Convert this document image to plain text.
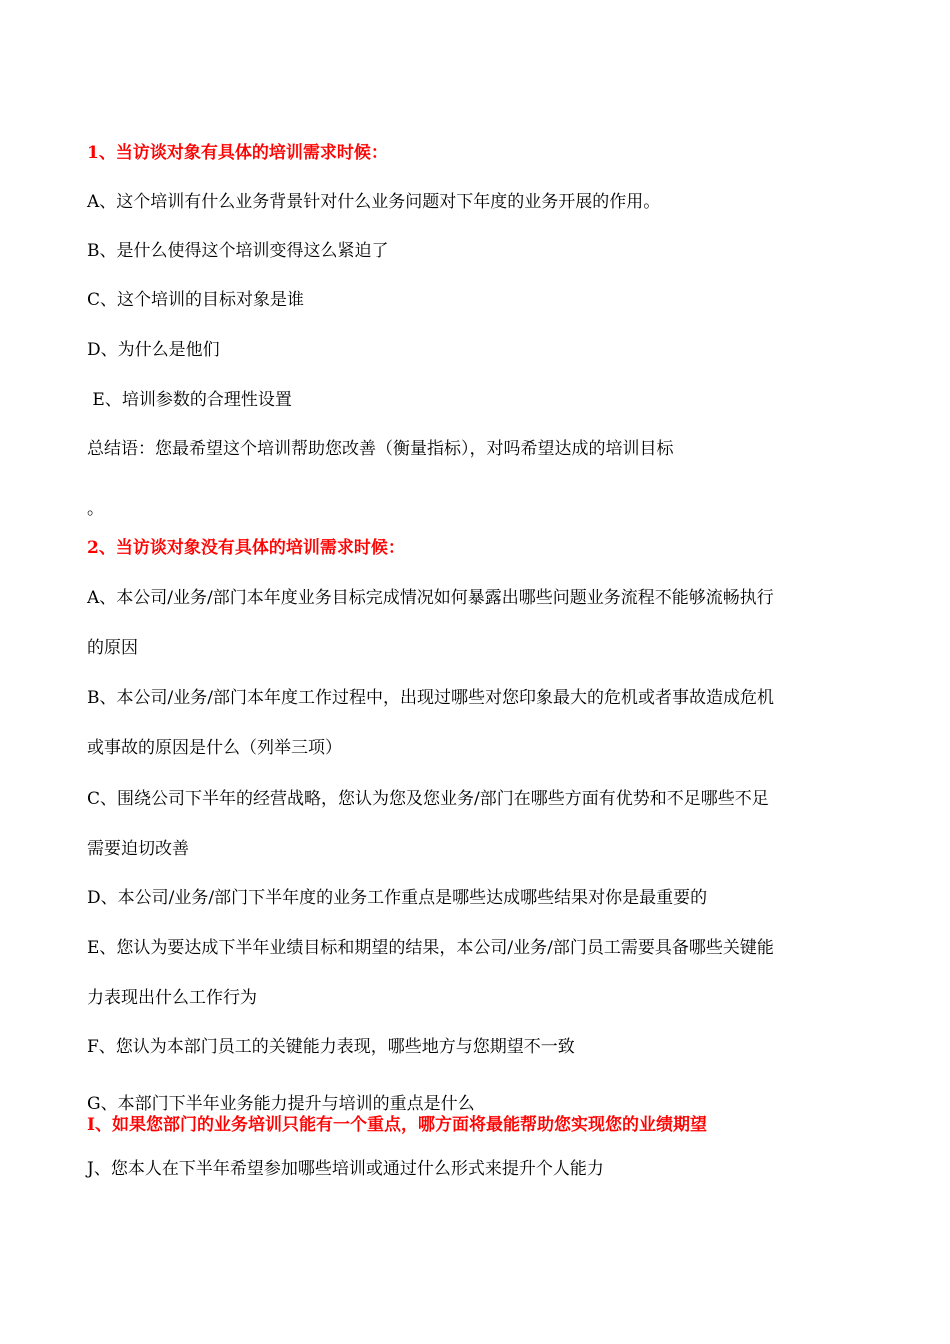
1、当访谈对象有具体的培训需求时候：
A、这个培训有什么业务背景针对什么业务问题对下年度的业务开展的作用。
B、是什么使得这个培训变得这么紧迫了
C、这个培训的目标对象是谁
D、为什么是他们
E、培训参数的合理性设置
总结语：您最希望这个培训帮助您改善（衡量指标），对吗希望达成的培训目标
。
2、当访谈对象没有具体的培训需求时候：
A、本公司/业务/部门本年度业务目标完成情况如何暴露出哪些问题业务流程不能够流畅执行
的原因
B、本公司/业务/部门本年度工作过程中，出现过哪些对您印象最大的危机或者事故造成危机
或事故的原因是什么（列举三项）
C、围绕公司下半年的经营战略，您认为您及您业务/部门在哪些方面有优势和不足哪些不足
需要迫切改善
D、本公司/业务/部门下半年度的业务工作重点是哪些达成哪些结果对你是最重要的
E、您认为要达成下半年业绩目标和期望的结果，本公司/业务/部门员工需要具备哪些关键能
力表现出什么工作行为
F、您认为本部门员工的关键能力表现，哪些地方与您期望不一致
G、本部门下半年业务能力提升与培训的重点是什么
I、如果您部门的业务培训只能有一个重点，哪方面将最能帮助您实现您的业绩期望
J、您本人在下半年希望参加哪些培训或通过什么形式来提升个人能力
